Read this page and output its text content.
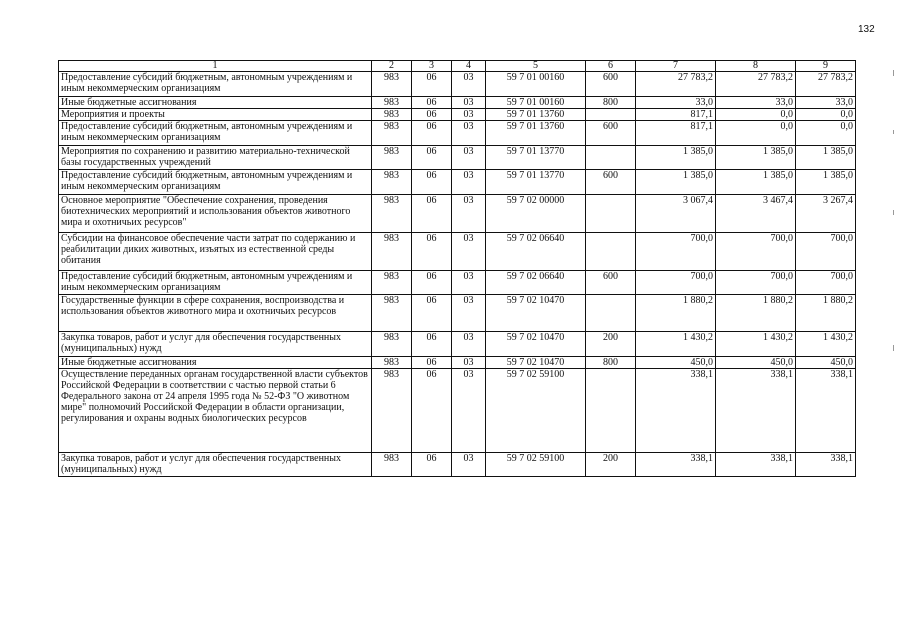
132
1	2	3	4	5	6	7	8	9
Предоставление субсидий бюджетным, автономным учреждениям и иным некоммерческим организациям	983	06	03	59 7 01 00160	600	27 783,2	27 783,2	27 783,2
Иные бюджетные ассигнования	983	06	03	59 7 01 00160	800	33,0	33,0	33,0
Мероприятия и проекты	983	06	03	59 7 01 13760		817,1	0,0	0,0
Предоставление субсидий бюджетным, автономным учреждениям и иным некоммерческим организациям	983	06	03	59 7 01 13760	600	817,1	0,0	0,0
Мероприятия по сохранению и развитию материально-технической базы государственных учреждений	983	06	03	59 7 01 13770		1 385,0	1 385,0	1 385,0
Предоставление субсидий бюджетным, автономным учреждениям и иным некоммерческим организациям	983	06	03	59 7 01 13770	600	1 385,0	1 385,0	1 385,0
Основное мероприятие "Обеспечение сохранения, проведения биотехнических мероприятий и использования объектов животного мира и охотничьих ресурсов"	983	06	03	59 7 02 00000		3 067,4	3 467,4	3 267,4
Субсидии на финансовое обеспечение части затрат по содержанию и реабилитации диких животных, изъятых из естественной среды обитания	983	06	03	59 7 02 06640		700,0	700,0	700,0
Предоставление субсидий бюджетным, автономным учреждениям и иным некоммерческим организациям	983	06	03	59 7 02 06640	600	700,0	700,0	700,0
Государственные функции в сфере сохранения, воспроизводства и использования объектов животного мира и охотничьих ресурсов	983	06	03	59 7 02 10470		1 880,2	1 880,2	1 880,2
Закупка товаров, работ и услуг для обеспечения государственных (муниципальных) нужд	983	06	03	59 7 02 10470	200	1 430,2	1 430,2	1 430,2
Иные бюджетные ассигнования	983	06	03	59 7 02 10470	800	450,0	450,0	450,0
Осуществление переданных органам государственной власти субъектов Российской Федерации в соответствии с частью первой статьи 6 Федерального закона от 24 апреля 1995 года № 52-ФЗ "О животном мире" полномочий Российской Федерации в области организации, регулирования и охраны водных биологических ресурсов	983	06	03	59 7 02 59100		338,1	338,1	338,1
Закупка товаров, работ и услуг для обеспечения государственных (муниципальных) нужд	983	06	03	59 7 02 59100	200	338,1	338,1	338,1
